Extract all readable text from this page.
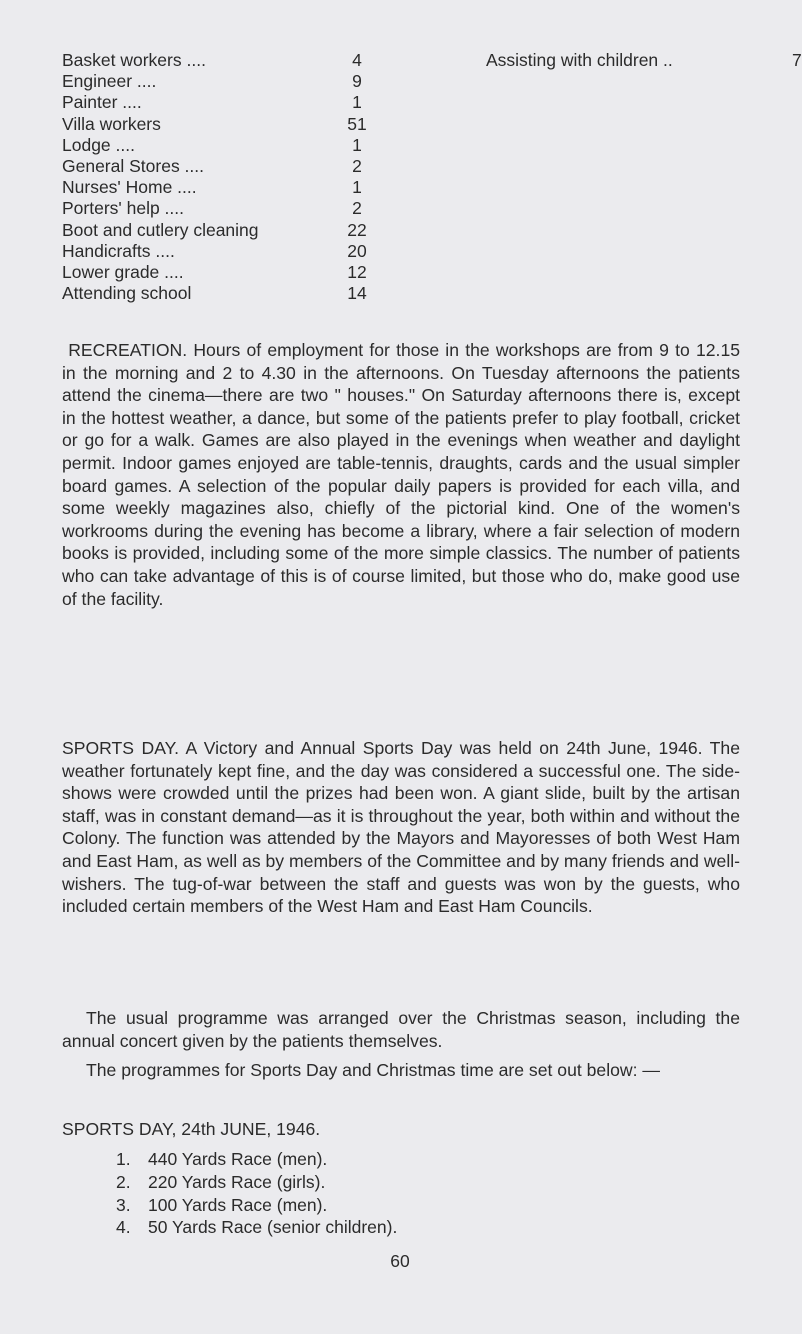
Basket workers ....	4	Assisting with children ..	7
Engineer ....	9
Painter ....	1
Villa workers	51
Lodge ....	1
General Stores ....	2
Nurses' Home ....	1
Porters' help ....	2
Boot and cutlery cleaning	22
Handicrafts ....	20
Lower grade ....	12
Attending school	14

RECREATION. Hours of employment for those in the workshops are from 9 to 12.15 in the morning and 2 to 4.30 in the afternoons. On Tuesday afternoons the patients attend the cinema—there are two " houses." On Saturday afternoons there is, except in the hottest weather, a dance, but some of the patients prefer to play football, cricket or go for a walk. Games are also played in the evenings when weather and daylight permit. Indoor games enjoyed are table-tennis, draughts, cards and the usual simpler board games. A selection of the popular daily papers is provided for each villa, and some weekly magazines also, chiefly of the pictorial kind. One of the women's workrooms during the evening has become a library, where a fair selection of modern books is provided, including some of the more simple classics. The number of patients who can take advantage of this is of course limited, but those who do, make good use of the facility.

SPORTS DAY. A Victory and Annual Sports Day was held on 24th June, 1946. The weather fortunately kept fine, and the day was considered a successful one. The side-shows were crowded until the prizes had been won. A giant slide, built by the artisan staff, was in constant demand—as it is throughout the year, both within and without the Colony. The function was attended by the Mayors and Mayoresses of both West Ham and East Ham, as well as by members of the Committee and by many friends and well-wishers. The tug-of-war between the staff and guests was won by the guests, who included certain members of the West Ham and East Ham Councils.

The usual programme was arranged over the Christmas season, including the annual concert given by the patients themselves.

The programmes for Sports Day and Christmas time are set out below: —

SPORTS DAY, 24th JUNE, 1946.
1. 440 Yards Race (men).
2. 220 Yards Race (girls).
3. 100 Yards Race (men).
4. 50 Yards Race (senior children).
60
